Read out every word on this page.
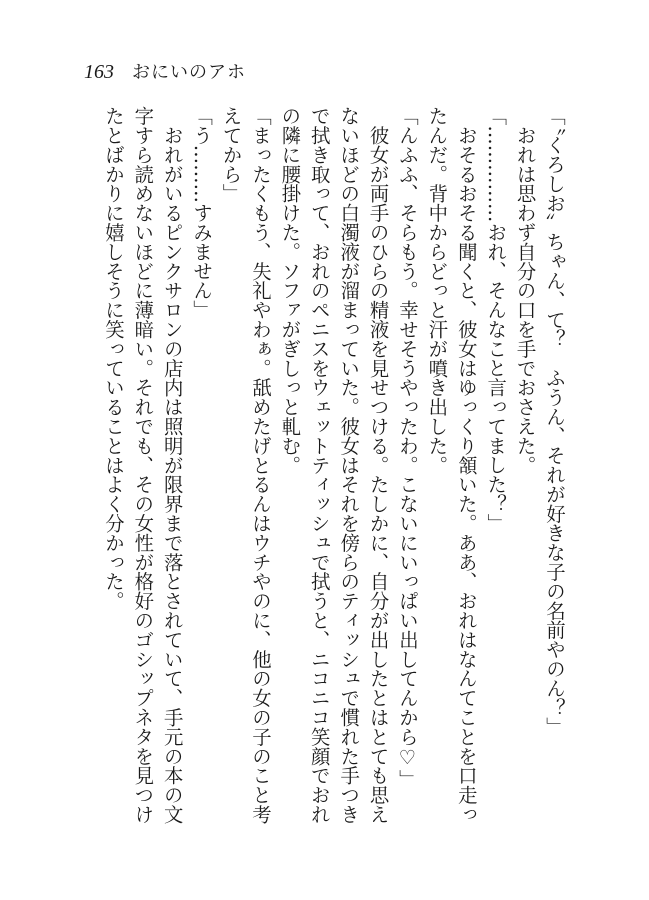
163 おにいのアホ

「〝くろしお〟ちゃん、て？　ふうん、それが好きな子の名前やのん？」

　おれは思わず自分の口を手でおさえた。

「……………おれ、そんなこと言ってました？」

　おそるおそる聞くと、彼女はゆっくり頷いた。ああ、おれはなんてことを口走っ

たんだ。背中からどっと汗が噴き出した。

「んふふ、そらもう。幸せそうやったわ。こないにいっぱい出してんから♡」

　彼女が両手のひらの精液を見せつける。たしかに、自分が出したとはとても思え

ないほどの白濁液が溜まっていた。彼女はそれを傍らのティッシュで慣れた手つき

で拭き取って、おれのペニスをウェットティッシュで拭うと、ニコニコ笑顔でおれ

の隣に腰掛けた。ソファがぎしっと軋む。

「まったくもう、失礼やわぁ。舐めたげとるんはウチやのに、他の女の子のこと考

えてから」

「う………すみません」

　おれがいるピンクサロンの店内は照明が限界まで落とされていて、手元の本の文

字すら読めないほどに薄暗い。それでも、その女性が格好のゴシップネタを見つけ

たとばかりに嬉しそうに笑っていることはよく分かった。
